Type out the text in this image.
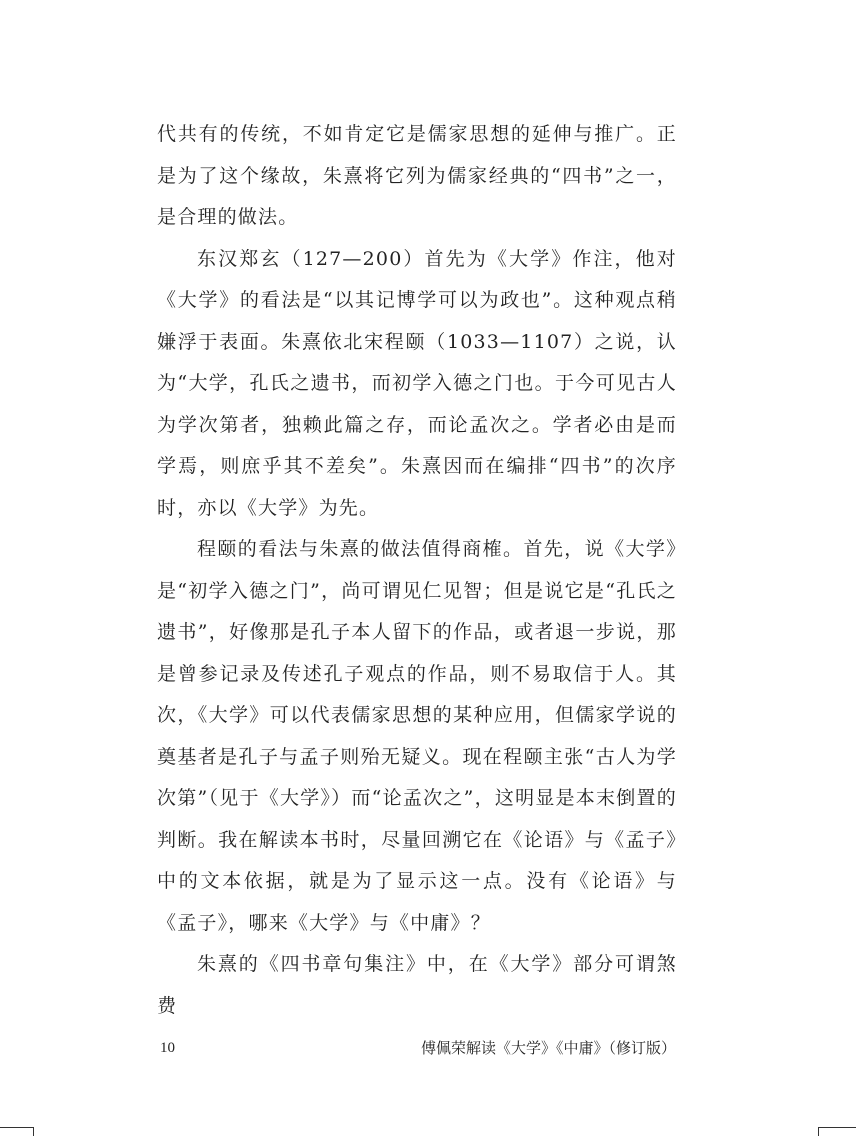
代共有的传统，不如肯定它是儒家思想的延伸与推广。正是为了这个缘故，朱熹将它列为儒家经典的“四书”之一，是合理的做法。

东汉郑玄（127—200）首先为《大学》作注，他对《大学》的看法是“以其记博学可以为政也”。这种观点稍嫌浮于表面。朱熹依北宋程颐（1033—1107）之说，认为“大学，孔氏之遗书，而初学入德之门也。于今可见古人为学次第者，独赖此篇之存，而论孟次之。学者必由是而学焉，则庶乎其不差矣”。朱熹因而在编排“四书”的次序时，亦以《大学》为先。

程颐的看法与朱熹的做法值得商榷。首先，说《大学》是“初学入德之门”，尚可谓见仁见智；但是说它是“孔氏之遗书”，好像那是孔子本人留下的作品，或者退一步说，那是曾参记录及传述孔子观点的作品，则不易取信于人。其次，《大学》可以代表儒家思想的某种应用，但儒家学说的奠基者是孔子与孟子则殆无疑义。现在程颐主张“古人为学次第”（见于《大学》）而“论孟次之”，这明显是本末倒置的判断。我在解读本书时，尽量回溯它在《论语》与《孟子》中的文本依据，就是为了显示这一点。没有《论语》与《孟子》，哪来《大学》与《中庸》？

朱熹的《四书章句集注》中，在《大学》部分可谓煞费

10	傅佩荣解读《大学》《中庸》（修订版）
